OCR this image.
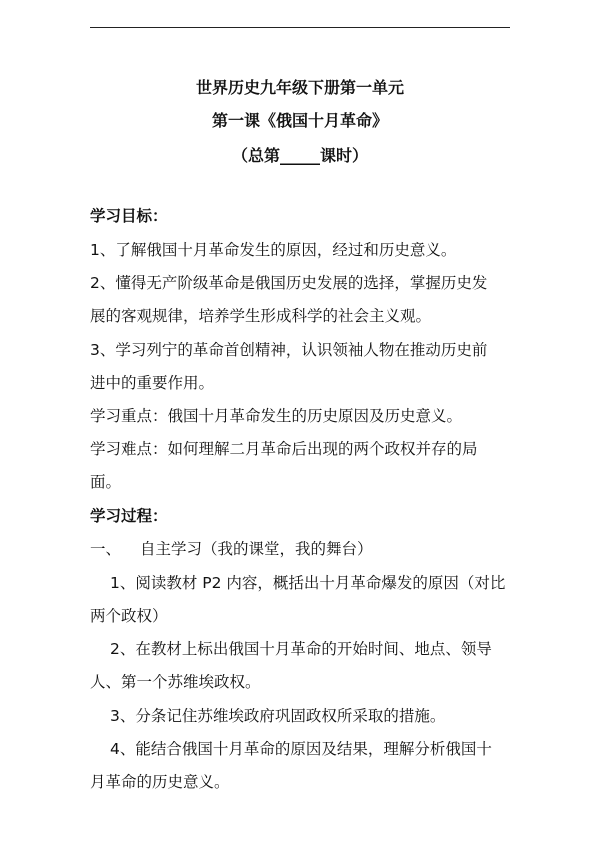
世界历史九年级下册第一单元
第一课《俄国十月革命》
（总第_____课时）
学习目标：
1、了解俄国十月革命发生的原因，经过和历史意义。
2、懂得无产阶级革命是俄国历史发展的选择，掌握历史发
展的客观规律，培养学生形成科学的社会主义观。
3、学习列宁的革命首创精神，认识领袖人物在推动历史前
进中的重要作用。
学习重点：俄国十月革命发生的历史原因及历史意义。
学习难点：如何理解二月革命后出现的两个政权并存的局
面。
学习过程：
一、 自主学习（我的课堂，我的舞台）
1、阅读教材 P2 内容，概括出十月革命爆发的原因（对比
两个政权）
2、在教材上标出俄国十月革命的开始时间、地点、领导
人、第一个苏维埃政权。
3、分条记住苏维埃政府巩固政权所采取的措施。
4、能结合俄国十月革命的原因及结果，理解分析俄国十
月革命的历史意义。
